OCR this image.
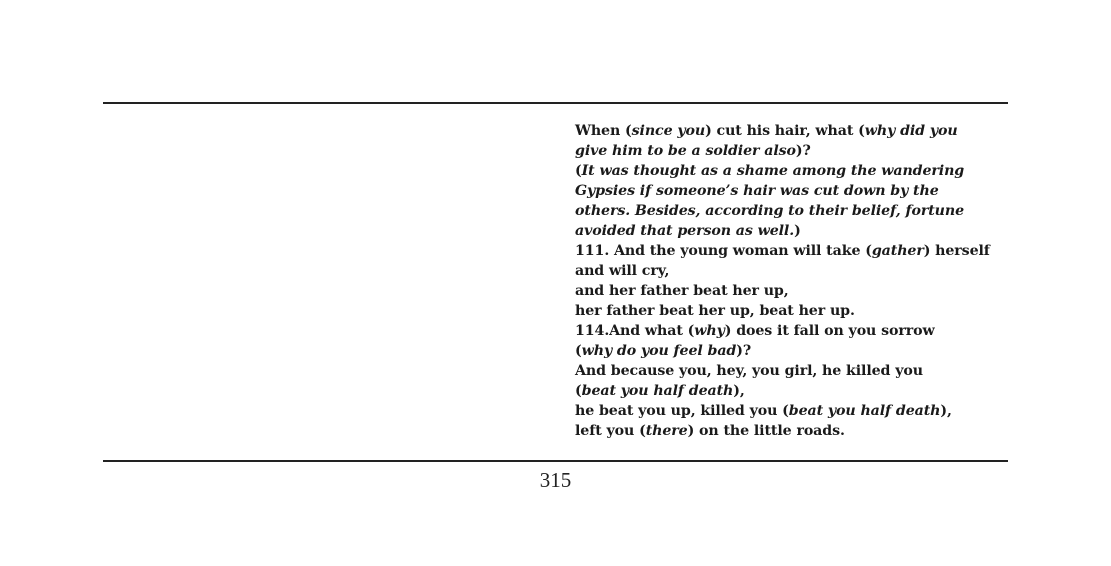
When (since you) cut his hair, what (why did you
give him to be a soldier also)?
(It was thought as a shame among the wandering
Gypsies if someone’s hair was cut down by the
others. Besides, according to their belief, fortune
avoided that person as well.)
111. And the young woman will take (gather) herself
and will cry,
and her father beat her up,
her father beat her up, beat her up.
114.And what (why) does it fall on you sorrow
(why do you feel bad)?
And because you, hey, you girl, he killed you
(beat you half death),
he beat you up, killed you (beat you half death),
left you (there) on the little roads.
315
